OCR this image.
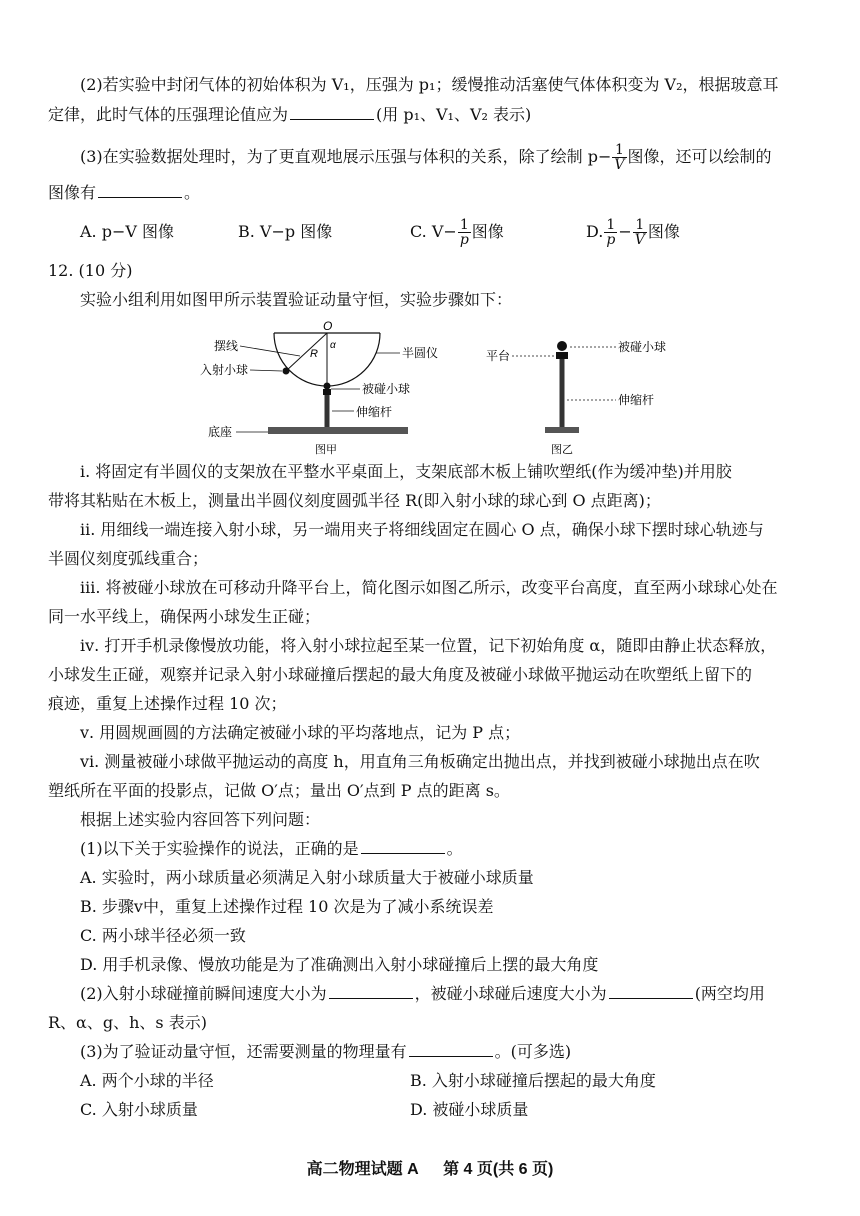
(2)若实验中封闭气体的初始体积为 V₁，压强为 p₁；缓慢推动活塞使气体体积变为 V₂，根据玻意耳
定律，此时气体的压强理论值应为	(用 p₁、V₁、V₂ 表示)
(3)在实验数据处理时，为了更直观地展示压强与体积的关系，除了绘制 $p- \frac{1}{V}$ 图像，还可以绘制的
图像有	。
A. p−V 图像	B. V−p 图像	C. $V- \frac{1}{p}$ 图像	D. $\frac{1}{p} - \frac{1}{V}$ 图像
12. (10 分)
实验小组利用如图甲所示装置验证动量守恒，实验步骤如下：
O
R
α
摆线
入射小球
半圆仪
被碰小球
伸缩杆
底座
图甲
平台
被碰小球
伸缩杆
图乙
ⅰ. 将固定有半圆仪的支架放在平整水平桌面上，支架底部木板上铺吹塑纸(作为缓冲垫)并用胶
带将其粘贴在木板上，测量出半圆仪刻度圆弧半径 R(即入射小球的球心到 O 点距离)；
ⅱ. 用细线一端连接入射小球，另一端用夹子将细线固定在圆心 O 点，确保小球下摆时球心轨迹与
半圆仪刻度弧线重合；
ⅲ. 将被碰小球放在可移动升降平台上，简化图示如图乙所示，改变平台高度，直至两小球球心处在
同一水平线上，确保两小球发生正碰；
ⅳ. 打开手机录像慢放功能，将入射小球拉起至某一位置，记下初始角度 α，随即由静止状态释放，
小球发生正碰，观察并记录入射小球碰撞后摆起的最大角度及被碰小球做平抛运动在吹塑纸上留下的
痕迹，重复上述操作过程 10 次；
ⅴ. 用圆规画圆的方法确定被碰小球的平均落地点，记为 P 点；
ⅵ. 测量被碰小球做平抛运动的高度 h，用直角三角板确定出抛出点，并找到被碰小球抛出点在吹
塑纸所在平面的投影点，记做 O′点；量出 O′点到 P 点的距离 s。
根据上述实验内容回答下列问题：
(1)以下关于实验操作的说法，正确的是	。
A. 实验时，两小球质量必须满足入射小球质量大于被碰小球质量
B. 步骤ⅴ中，重复上述操作过程 10 次是为了减小系统误差
C. 两小球半径必须一致
D. 用手机录像、慢放功能是为了准确测出入射小球碰撞后上摆的最大角度
(2)入射小球碰撞前瞬间速度大小为	，被碰小球碰后速度大小为	(两空均用
R、α、g、h、s 表示)
(3)为了验证动量守恒，还需要测量的物理量有	。(可多选)
A. 两个小球的半径	B. 入射小球碰撞后摆起的最大角度
C. 入射小球质量	D. 被碰小球质量
高二物理试题 A 第 4 页(共 6 页)
